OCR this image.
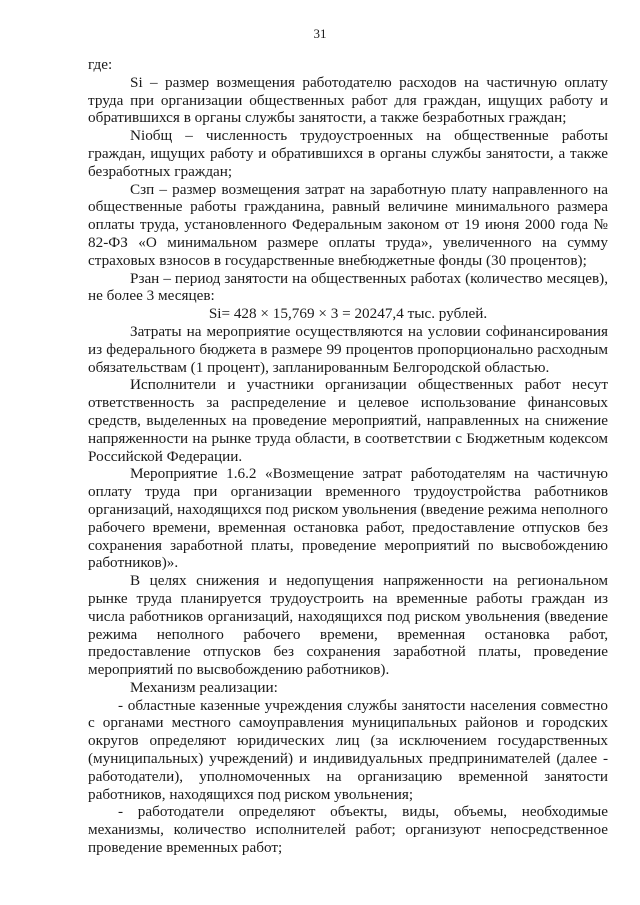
31

где:

Si – размер возмещения работодателю расходов на частичную оплату труда при организации общественных работ для граждан, ищущих работу и обратившихся в органы службы занятости, а также безработных граждан;

Niобщ – численность трудоустроенных на общественные работы граждан, ищущих работу и обратившихся в органы службы занятости, а также безработных граждан;

Сзп – размер возмещения затрат на заработную плату направленного на общественные работы гражданина, равный величине минимального размера оплаты труда, установленного Федеральным законом от 19 июня 2000 года № 82-ФЗ «О минимальном размере оплаты труда», увеличенного на сумму страховых взносов в государственные внебюджетные фонды (30 процентов);

Рзан – период занятости на общественных работах (количество месяцев), не более 3 месяцев:

Si= 428 × 15,769 × 3 = 20247,4 тыс. рублей.

Затраты на мероприятие осуществляются на условии софинансирования из федерального бюджета в размере 99 процентов пропорционально расходным обязательствам (1 процент), запланированным Белгородской областью.

Исполнители и участники организации общественных работ несут ответственность за распределение и целевое использование финансовых средств, выделенных на проведение мероприятий, направленных на снижение напряженности на рынке труда области, в соответствии с Бюджетным кодексом Российской Федерации.

Мероприятие 1.6.2 «Возмещение затрат работодателям на частичную оплату труда при организации временного трудоустройства работников организаций, находящихся под риском увольнения (введение режима неполного рабочего времени, временная остановка работ, предоставление отпусков без сохранения заработной платы, проведение мероприятий по высвобождению работников)».

В целях снижения и недопущения напряженности на региональном рынке труда планируется трудоустроить на временные работы граждан из числа работников организаций, находящихся под риском увольнения (введение режима неполного рабочего времени, временная остановка работ, предоставление отпусков без сохранения заработной платы, проведение мероприятий по высвобождению работников).

Механизм реализации:

- областные казенные учреждения службы занятости населения совместно с органами местного самоуправления муниципальных районов и городских округов определяют юридических лиц (за исключением государственных (муниципальных) учреждений) и индивидуальных предпринимателей (далее - работодатели), уполномоченных на организацию временной занятости работников, находящихся под риском увольнения;

- работодатели определяют объекты, виды, объемы, необходимые механизмы, количество исполнителей работ; организуют непосредственное проведение временных работ;
